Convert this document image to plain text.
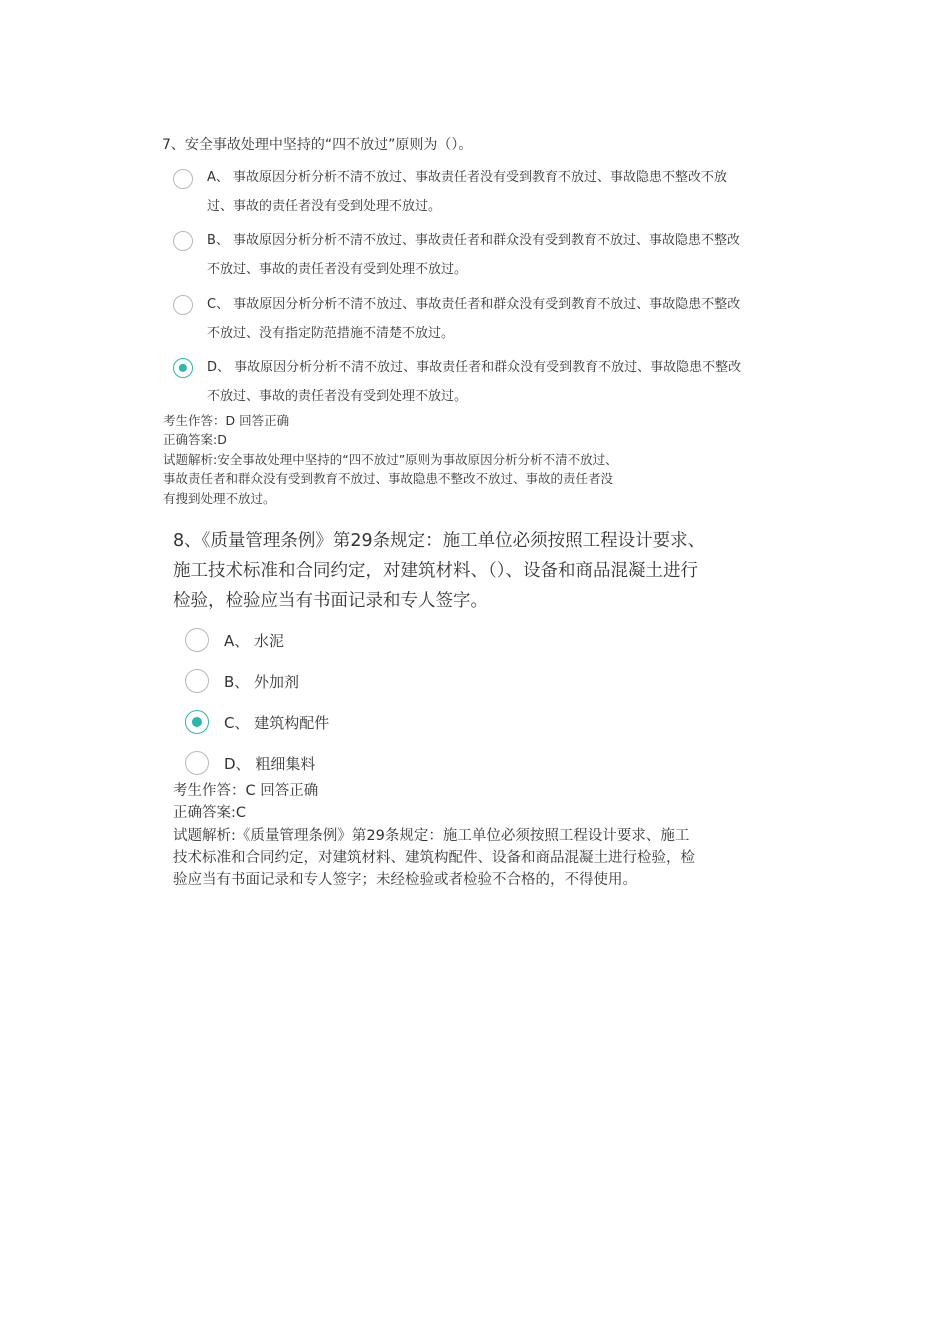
7、安全事故处理中坚持的“四不放过”原则为（）。
A、 事故原因分析分析不清不放过、事故责任者没有受到教育不放过、事故隐患不整改不放
过、事故的责任者没有受到处理不放过。
B、 事故原因分析分析不清不放过、事故责任者和群众没有受到教育不放过、事故隐患不整改
不放过、事故的责任者没有受到处理不放过。
C、 事故原因分析分析不清不放过、事故责任者和群众没有受到教育不放过、事故隐患不整改
不放过、没有指定防范措施不清楚不放过。
D、 事故原因分析分析不清不放过、事故责任者和群众没有受到教育不放过、事故隐患不整改
不放过、事故的责任者没有受到处理不放过。
考生作答：D 回答正确
正确答案:D
试题解析:安全事故处理中坚持的“四不放过”原则为事故原因分析分析不清不放过、
事故责任者和群众没有受到教育不放过、事故隐患不整改不放过、事故的责任者没
有搜到处理不放过。
8、《质量管理条例》第29条规定：施工单位必须按照工程设计要求、
施工技术标准和合同约定，对建筑材料、（）、设备和商品混凝土进行
检验，检验应当有书面记录和专人签字。
A、 水泥
B、 外加剂
C、 建筑构配件
D、 粗细集料
考生作答：C 回答正确
正确答案:C
试题解析:《质量管理条例》第29条规定：施工单位必须按照工程设计要求、施工
技术标准和合同约定，对建筑材料、建筑构配件、设备和商品混凝土进行检验，检
验应当有书面记录和专人签字；未经检验或者检验不合格的，不得使用。
